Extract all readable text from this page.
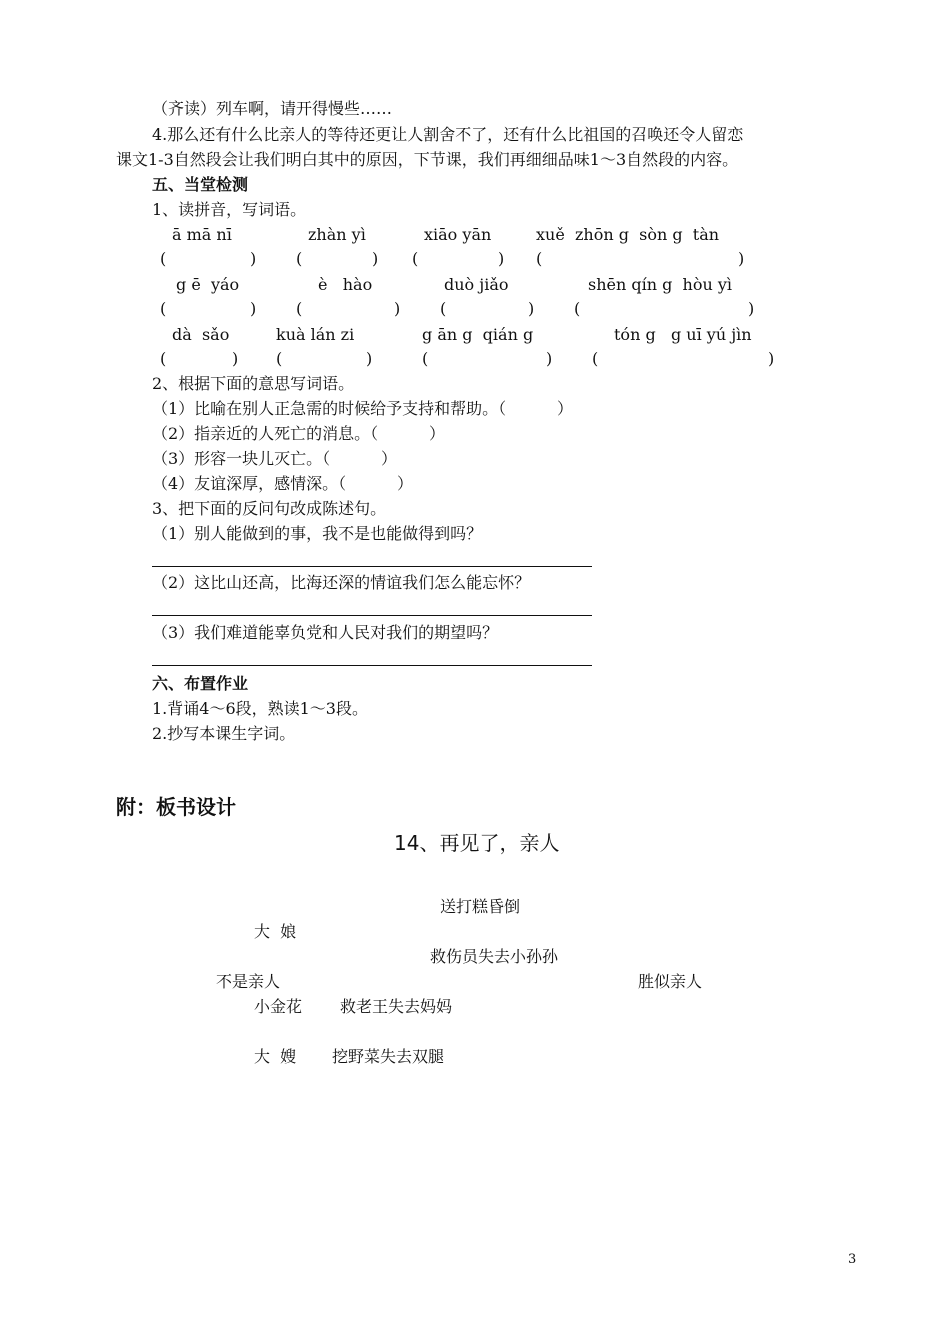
（齐读）列车啊，请开得慢些……
4.那么还有什么比亲人的等待还更让人割舍不了，还有什么比祖国的召唤还令人留恋
课文1-3自然段会让我们明白其中的原因，下节课，我们再细细品味1～3自然段的内容。
五、当堂检测
1、读拼音，写词语。
ā mā nī	zhàn yì	xiāo yān	xuě  zhōn g  sòn g  tàn
(	) (	) (	) (	)
g ē  yáo	è   hào	duò jiǎo	shēn qín g  hòu yì
(	) (	) (	) (	)
dà  sǎo	kuà lán zi	g ān g  qián g	tón g   g uī yú jìn
(	) (	)	(	) (	)
2、根据下面的意思写词语。
（1）比喻在别人正急需的时候给予支持和帮助。（          ）
（2）指亲近的人死亡的消息。（          ）
（3）形容一块儿灭亡。（          ）
（4）友谊深厚，感情深。（          ）
3、把下面的反问句改成陈述句。
（1）别人能做到的事，我不是也能做得到吗？
（2）这比山还高，比海还深的情谊我们怎么能忘怀？
（3）我们难道能辜负党和人民对我们的期望吗？
六、布置作业
1.背诵4～6段，熟读1～3段。
2.抄写本课生字词。
附：板书设计
14、再见了，亲人
送打糕昏倒
大  娘
救伤员失去小孙孙
不是亲人	胜似亲人
小金花 救老王失去妈妈
大  嫂 挖野菜失去双腿
3
